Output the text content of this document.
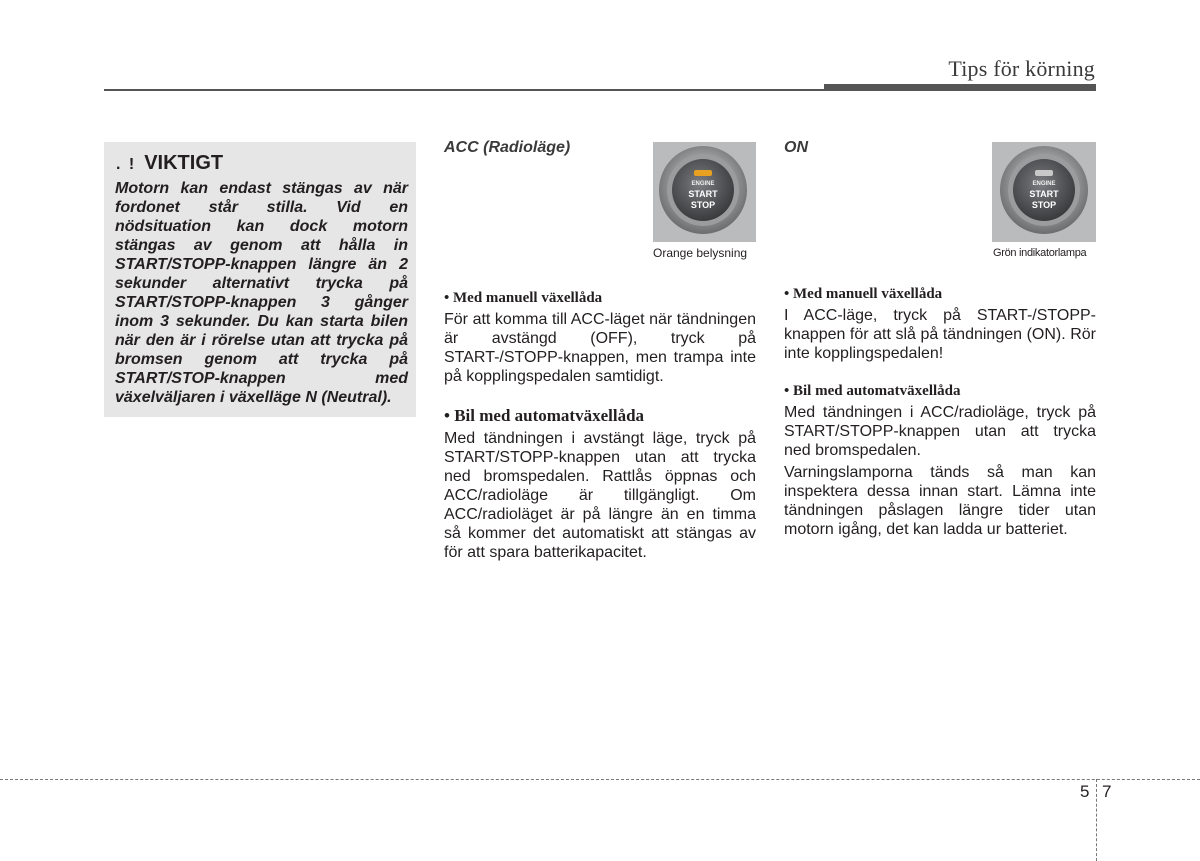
Tips för körning
. ! VIKTIGT
Motorn kan endast stängas av när fordonet står stilla. Vid en nödsituation kan dock motorn stängas av genom att hålla in START/STOPP-knappen längre än 2 sekunder alternativt trycka på START/STOPP-knappen 3 gånger inom 3 sekunder. Du kan starta bilen när den är i rörelse utan att trycka på bromsen genom att trycka på START/STOP-knappen med växelväljaren i växelläge N (Neutral).
ACC (Radioläge)
ENGINE
START
STOP
Orange belysning
• Med manuell växellåda
För att komma till ACC-läget när tändningen är avstängd (OFF), tryck på START-/STOPP-knappen, men trampa inte på kopplingspedalen samtidigt.
• Bil med automatväxellåda
Med tändningen i avstängt läge, tryck på START/STOPP-knappen utan att trycka ned bromspedalen. Rattlås öppnas och ACC/radioläge är tillgängligt. Om ACC/radioläget är på längre än en timma så kommer det automatiskt att stängas av för att spara batterikapacitet.
ON
ENGINE
START
STOP
Grön indikatorlampa
• Med manuell växellåda
I ACC-läge, tryck på START-/STOPP-knappen för att slå på tändningen (ON). Rör inte kopplingspedalen!
• Bil med automatväxellåda
Med tändningen i ACC/radioläge, tryck på START/STOPP-knappen utan att trycka ned bromspedalen.
Varningslamporna tänds så man kan inspektera dessa innan start. Lämna inte tändningen påslagen längre tider utan motorn igång, det kan ladda ur batteriet.
5 7
